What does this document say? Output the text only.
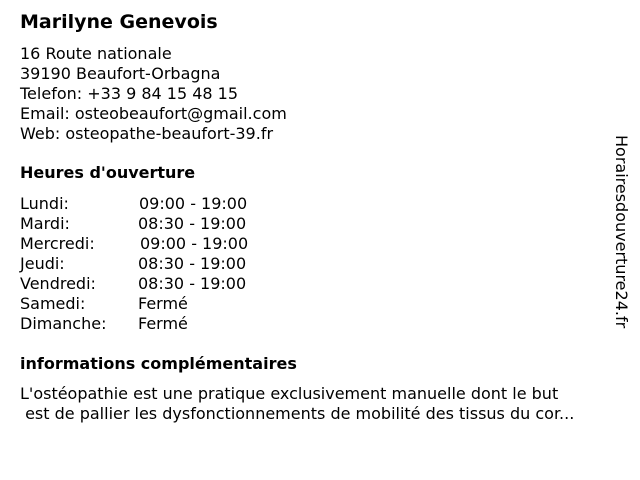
Marilyne Genevois
16 Route nationale
39190 Beaufort-Orbagna
Telefon: +33 9 84 15 48 15
Email: osteobeaufort@gmail.com
Web: osteopathe-beaufort-39.fr
Heures d'ouverture
Lundi:	09:00 - 19:00
Mardi:	08:30 - 19:00
Mercredi:	09:00 - 19:00
Jeudi:	08:30 - 19:00
Vendredi:	08:30 - 19:00
Samedi:	Fermé
Dimanche: Fermé
informations complémentaires
L'ostéopathie est une pratique exclusivement manuelle dont le but
est de pallier les dysfonctionnements de mobilité des tissus du cor...
Horairesdouverture24.fr
